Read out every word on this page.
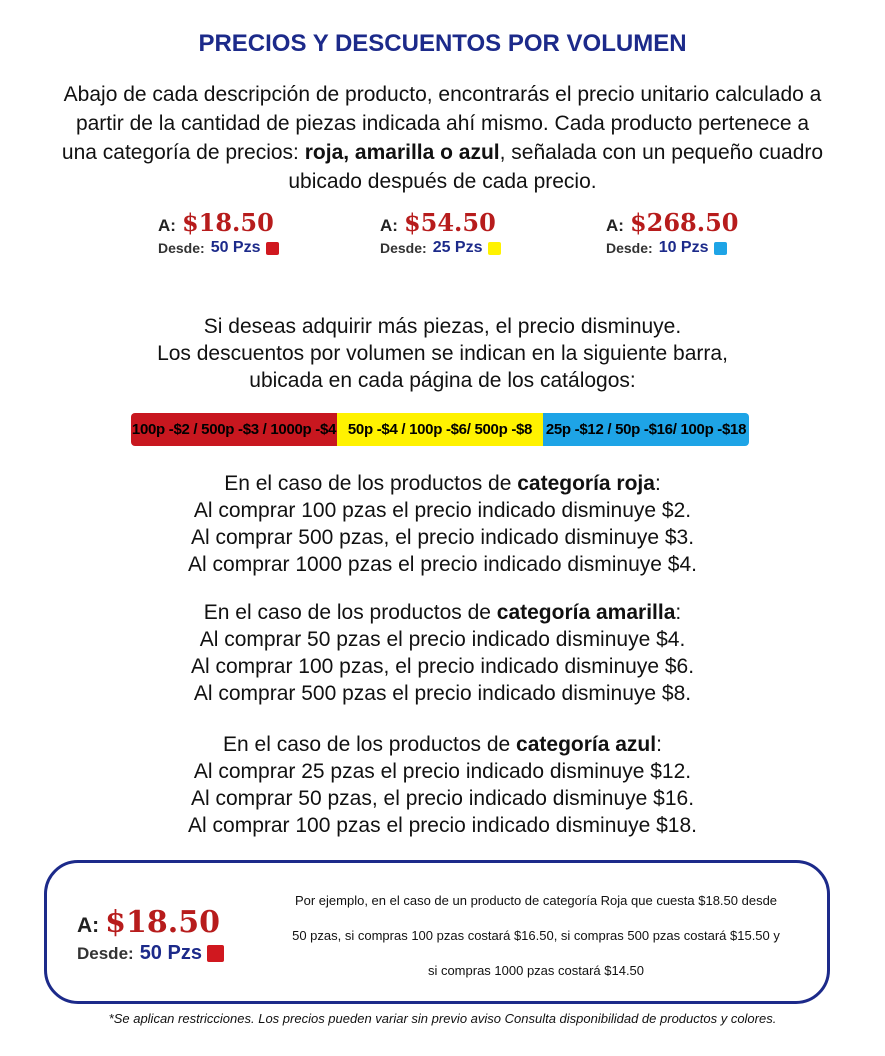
PRECIOS Y DESCUENTOS POR VOLUMEN
Abajo de cada descripción de producto, encontrarás el precio unitario calculado a partir de la cantidad de piezas indicada ahí mismo. Cada producto pertenece a una categoría de precios: roja, amarilla o azul, señalada con un pequeño cuadro ubicado después de cada precio.
A: $18.50
Desde: 50 Pzs
A: $54.50
Desde: 25 Pzs
A: $268.50
Desde: 10 Pzs
Si deseas adquirir más piezas, el precio disminuye.
Los descuentos por volumen se indican en la siguiente barra,
ubicada en cada página de los catálogos:
100p -$2 / 500p -$3 / 1000p -$4 50p -$4 / 100p -$6/ 500p -$8 25p -$12 / 50p -$16/ 100p -$18
En el caso de los productos de categoría roja:
Al comprar 100 pzas el precio indicado disminuye $2.
Al comprar 500 pzas, el precio indicado disminuye $3.
Al comprar 1000 pzas el precio indicado disminuye $4.
En el caso de los productos de categoría amarilla:
Al comprar 50 pzas el precio indicado disminuye $4.
Al comprar 100 pzas, el precio indicado disminuye $6.
Al comprar 500 pzas el precio indicado disminuye $8.
En el caso de los productos de categoría azul:
Al comprar 25 pzas el precio indicado disminuye $12.
Al comprar 50 pzas, el precio indicado disminuye $16.
Al comprar 100 pzas el precio indicado disminuye $18.
A: $18.50
Desde: 50 Pzs
Por ejemplo, en el caso de un producto de categoría Roja que cuesta $18.50 desde
50 pzas, si compras 100 pzas costará $16.50, si compras 500 pzas costará $15.50 y
si compras 1000 pzas costará $14.50
*Se aplican restricciones. Los precios pueden variar sin previo aviso Consulta disponibilidad de productos y colores.
